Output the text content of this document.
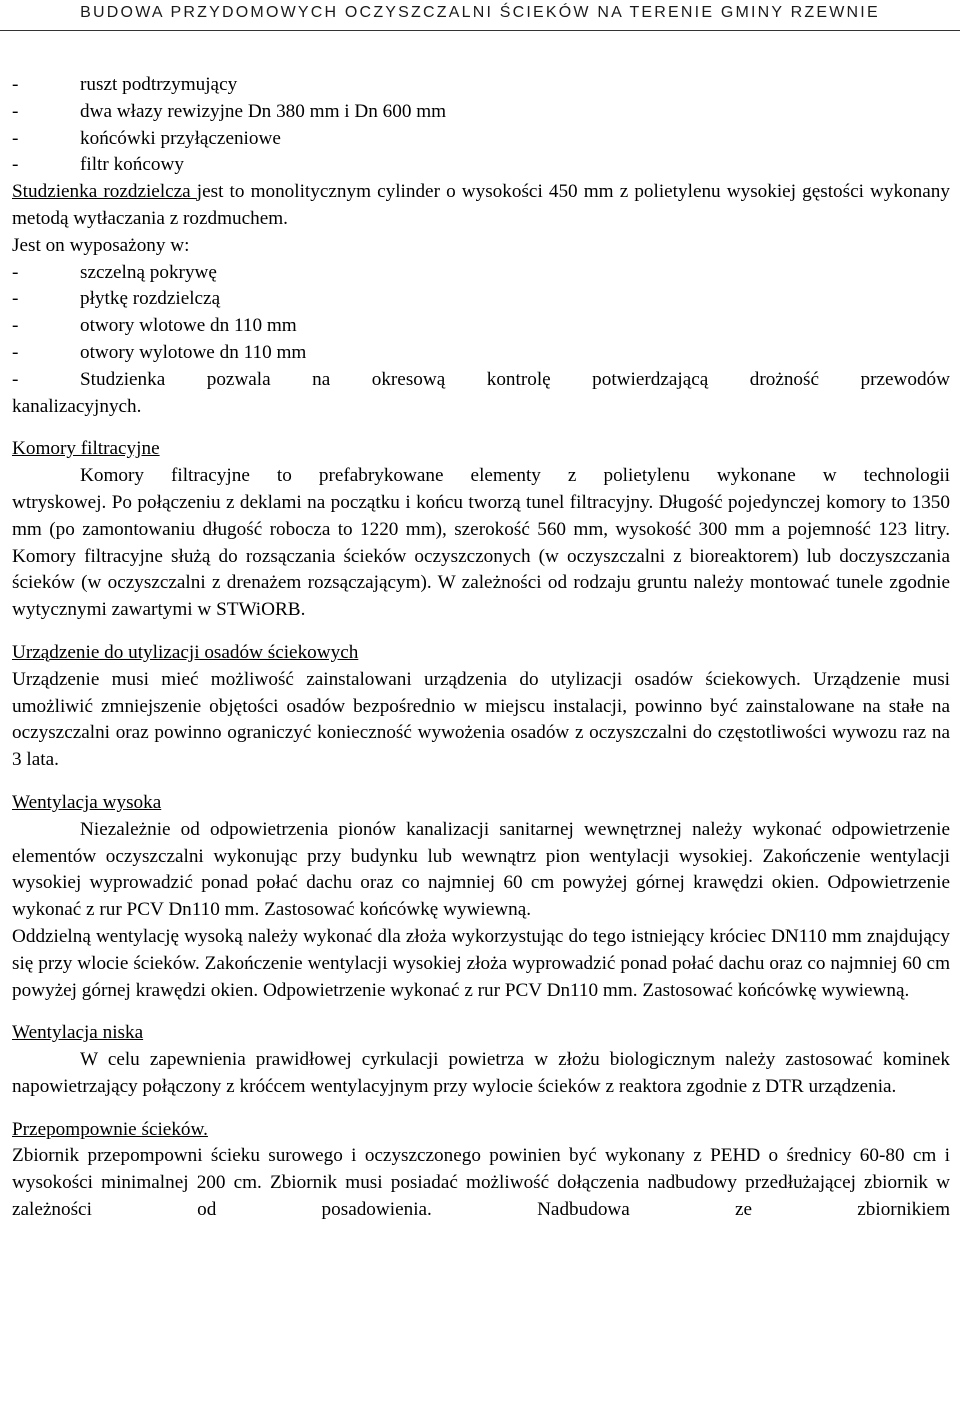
BUDOWA PRZYDOMOWYCH OCZYSZCZALNI ŚCIEKÓW NA TERENIE GMINY RZEWNIE
-	ruszt podtrzymujący
-	dwa włazy rewizyjne Dn 380 mm i Dn 600 mm
-	końcówki przyłączeniowe
-	filtr końcowy

Studzienka rozdzielcza jest to monolitycznym cylinder o wysokości 450 mm z polietylenu wysokiej gęstości wykonany metodą wytłaczania z rozdmuchem.

Jest on wyposażony w:

-	szczelną pokrywę
-	płytkę rozdzielczą
-	otwory wlotowe dn 110 mm
-	otwory wylotowe dn 110 mm
-	Studzienka pozwala na okresową kontrolę potwierdzającą drożność przewodów

kanalizacyjnych.

Komory filtracyjne

Komory filtracyjne to prefabrykowane elementy z polietylenu wykonane w technologii

wtryskowej. Po połączeniu z deklami na początku i końcu tworzą tunel filtracyjny. Długość pojedynczej komory to 1350 mm (po zamontowaniu długość robocza to 1220 mm), szerokość 560 mm, wysokość 300 mm a pojemność 123 litry. Komory filtracyjne służą do rozsączania ścieków oczyszczonych (w oczyszczalni z bioreaktorem) lub doczyszczania ścieków (w oczyszczalni z drenażem rozsączającym). W zależności od rodzaju gruntu należy montować tunele zgodnie wytycznymi zawartymi w STWiORB.

Urządzenie do utylizacji osadów ściekowych

Urządzenie musi mieć możliwość zainstalowani urządzenia do utylizacji osadów ściekowych. Urządzenie musi umożliwić zmniejszenie objętości osadów bezpośrednio w miejscu instalacji, powinno być zainstalowane na stałe na oczyszczalni oraz powinno ograniczyć konieczność wywożenia osadów z oczyszczalni do częstotliwości wywozu raz na 3 lata.

Wentylacja wysoka

Niezależnie od odpowietrzenia pionów kanalizacji sanitarnej wewnętrznej należy wykonać odpowietrzenie elementów oczyszczalni wykonując przy budynku lub wewnątrz pion wentylacji wysokiej. Zakończenie wentylacji wysokiej wyprowadzić ponad połać dachu oraz co najmniej 60 cm powyżej górnej krawędzi okien. Odpowietrzenie wykonać z rur PCV Dn110 mm. Zastosować końcówkę wywiewną.

Oddzielną wentylację wysoką należy wykonać dla złoża wykorzystując do tego istniejący króciec DN110 mm znajdujący się przy wlocie ścieków. Zakończenie wentylacji wysokiej złoża wyprowadzić ponad połać dachu oraz co najmniej 60 cm powyżej górnej krawędzi okien. Odpowietrzenie wykonać z rur PCV Dn110 mm. Zastosować końcówkę wywiewną.

Wentylacja niska

W celu zapewnienia prawidłowej cyrkulacji powietrza w złożu biologicznym należy zastosować kominek napowietrzający połączony z króćcem wentylacyjnym przy wylocie ścieków z reaktora zgodnie z DTR urządzenia.

Przepompownie ścieków.

Zbiornik przepompowni ścieku surowego i oczyszczonego powinien być wykonany z PEHD o średnicy 60-80 cm i wysokości minimalnej 200 cm. Zbiornik musi posiadać możliwość dołączenia nadbudowy przedłużającej zbiornik w zależności od posadowienia. Nadbudowa ze zbiornikiem
